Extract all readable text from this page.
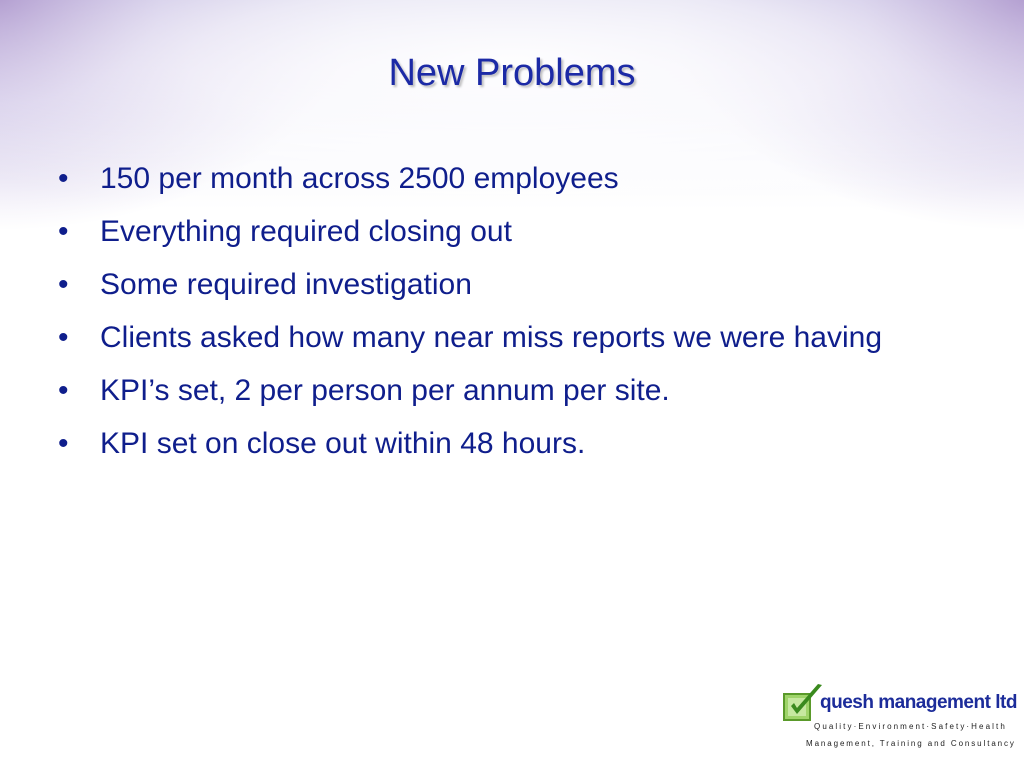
New Problems
•	150 per month across 2500 employees
•	Everything required closing out
•	Some required investigation
•	Clients asked how many near miss reports we were having
•	KPI’s set, 2 per person per annum per site.
•	KPI set on close out within 48 hours.
quesh management ltd
Quality·Environment·Safety·Health
Management, Training and Consultancy
